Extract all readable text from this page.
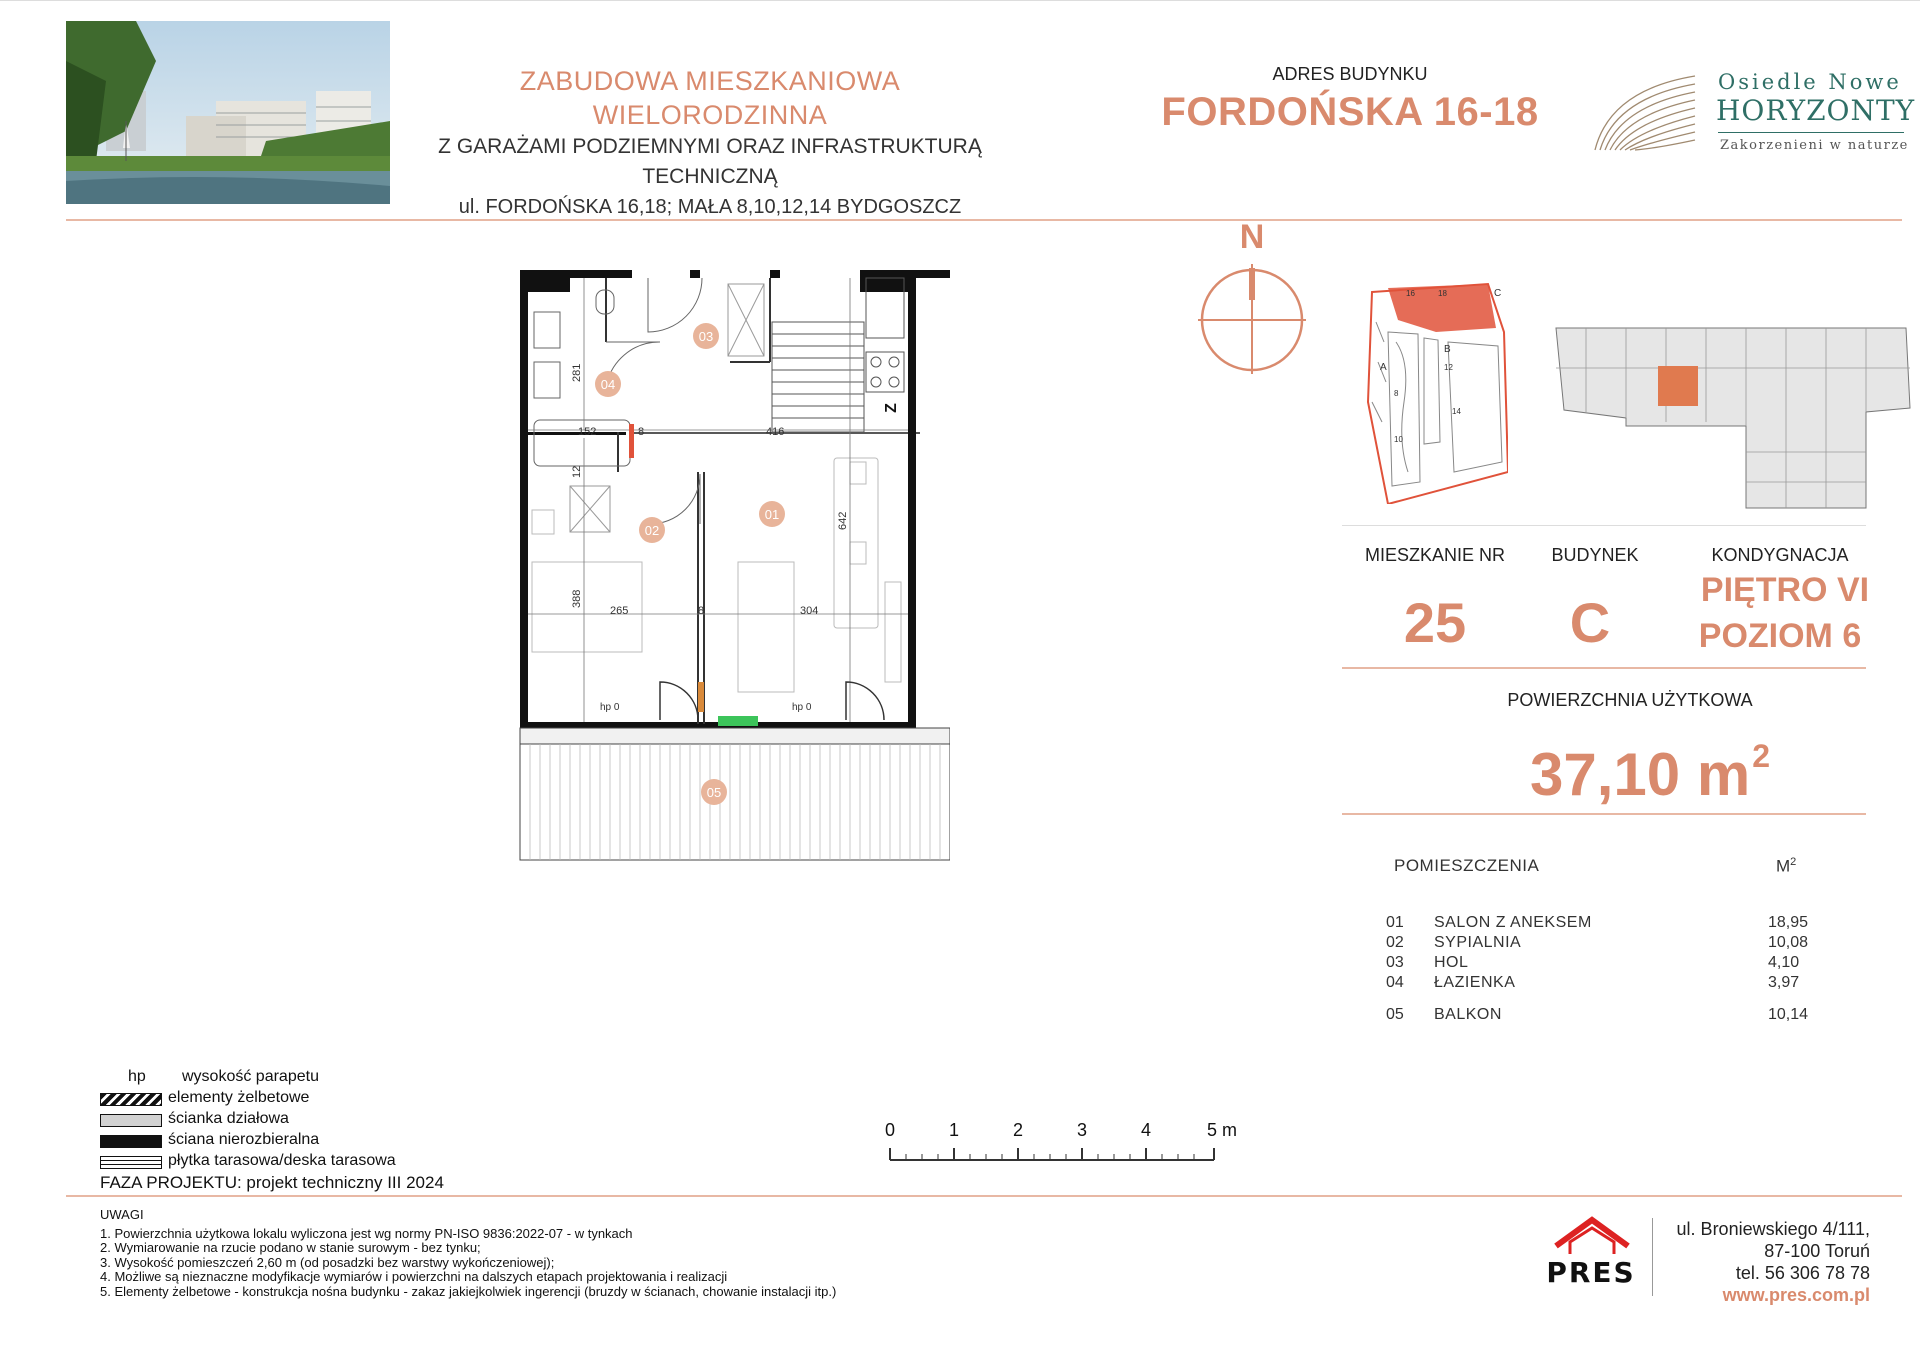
ZABUDOWA MIESZKANIOWA WIELORODZINNA
Z GARAŻAMI PODZIEMNYMI ORAZ INFRASTRUKTURĄ TECHNICZNĄ
ul. FORDOŃSKA 16,18; MAŁA 8,10,12,14 BYDGOSZCZ
ADRES BUDYNKU
FORDOŃSKA 16-18
Osiedle Nowe
HORYZONTY
Zakorzenieni w naturze
01
02
03
04
05
152	8	416
281
12
642
388
265	8	304
hp 0	hp 0
Z
N
A
B
C
16	18
8
10
12
14
MIESZKANIE NR	BUDYNEK	KONDYGNACJA
25	C
PIĘTRO VI
POZIOM 6
POWIERZCHNIA UŻYTKOWA
37,10 $m^2$
POMIESZCZENIA	$M^2$
01 SALON Z ANEKSEM	18,95
02 SYPIALNIA	10,08
03 HOL	4,10
04 ŁAZIENKA	3,97
05 BALKON	10,14
hp wysokość parapetu
elementy żelbetowe
ścianka działowa
ściana nierozbieralna
płytka tarasowa/deska tarasowa
FAZA PROJEKTU: projekt techniczny III 2024
0	1	2	3	4	5 m
UWAGI
1. Powierzchnia użytkowa lokalu wyliczona jest wg normy PN-ISO 9836:2022-07 - w tynkach
2. Wymiarowanie na rzucie podano w stanie surowym - bez tynku;
3. Wysokość pomieszczeń 2,60 m (od posadzki bez warstwy wykończeniowej);
4. Możliwe są nieznaczne modyfikacje wymiarów i powierzchni na dalszych etapach projektowania i realizacji
5. Elementy żelbetowe - konstrukcja nośna budynku - zakaz jakiejkolwiek ingerencji (bruzdy w ścianach, chowanie instalacji itp.)
PRES
ul. Broniewskiego 4/111,
87-100 Toruń
tel. 56 306 78 78
www.pres.com.pl
